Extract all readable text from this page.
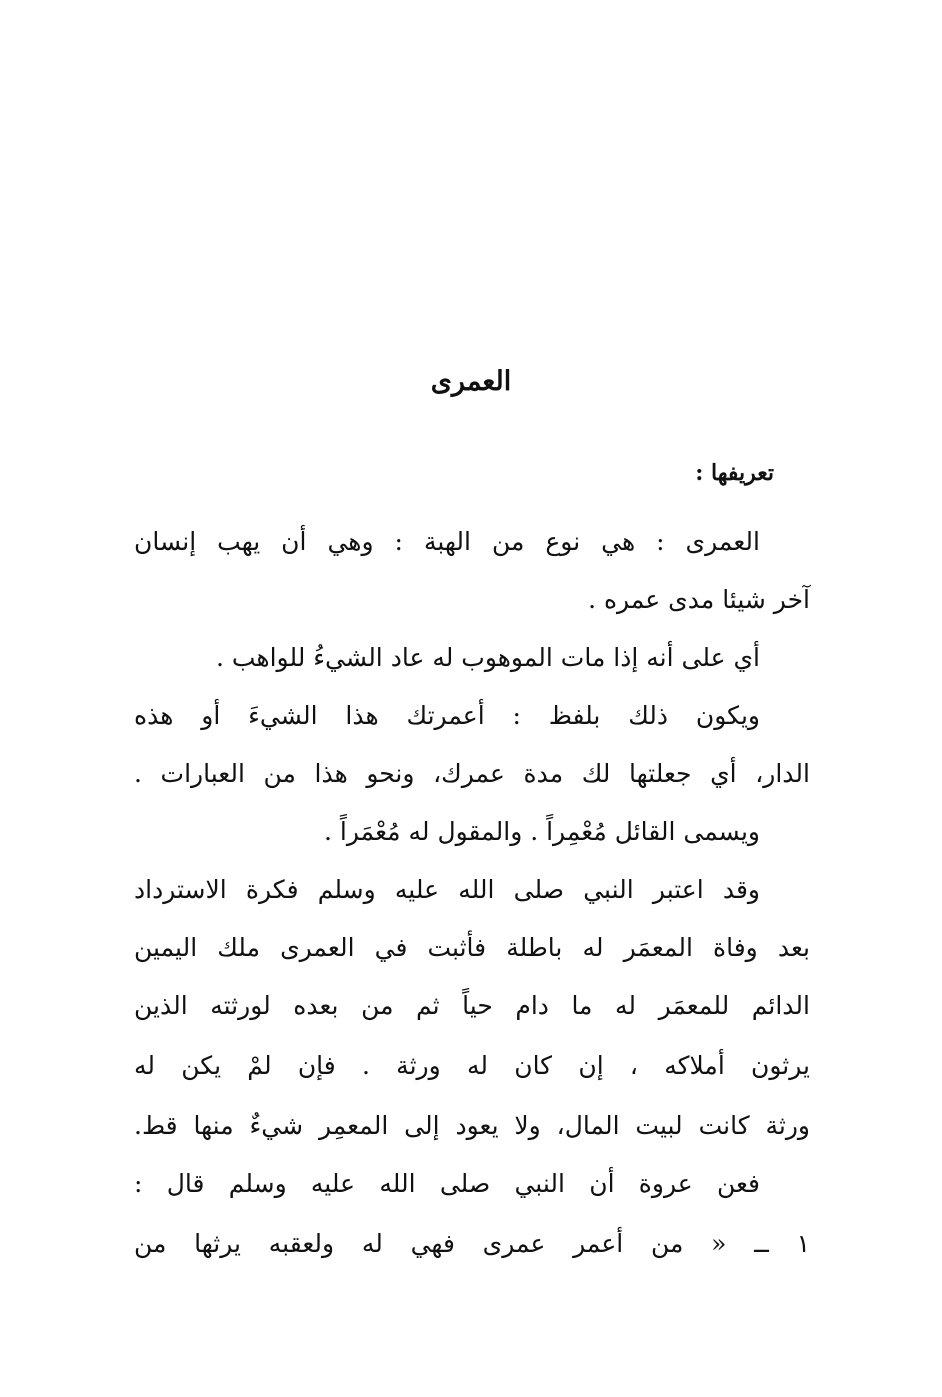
العمرى
تعريفها :
العمرى : هي نوع من الهبة : وهي أن يهب إنسان
آخر شيئا مدى عمره .
أي على أنه إذا مات الموهوب له عاد الشيءُ للواهب .
ويكون ذلك بلفظ : أعمرتك هذا الشيءَ أو هذه
الدار، أي جعلتها لك مدة عمرك، ونحو هذا من العبارات .
ويسمى القائل مُعْمِراً . والمقول له مُعْمَراً .
وقد اعتبر النبي صلى الله عليه وسلم فكرة الاسترداد
بعد وفاة المعمَر له باطلة فأثبت في العمرى ملك اليمين
الدائم للمعمَر له ما دام حياً ثم من بعده لورثته الذين
يرثون أملاكه ، إن كان له ورثة . فإن لمْ يكن له
ورثة كانت لبيت المال، ولا يعود إلى المعمِر شيءٌ منها قط.
فعن عروة أن النبي صلى الله عليه وسلم قال :
١ ــ « من أعمر عمرى فهي له ولعقبه يرثها من
